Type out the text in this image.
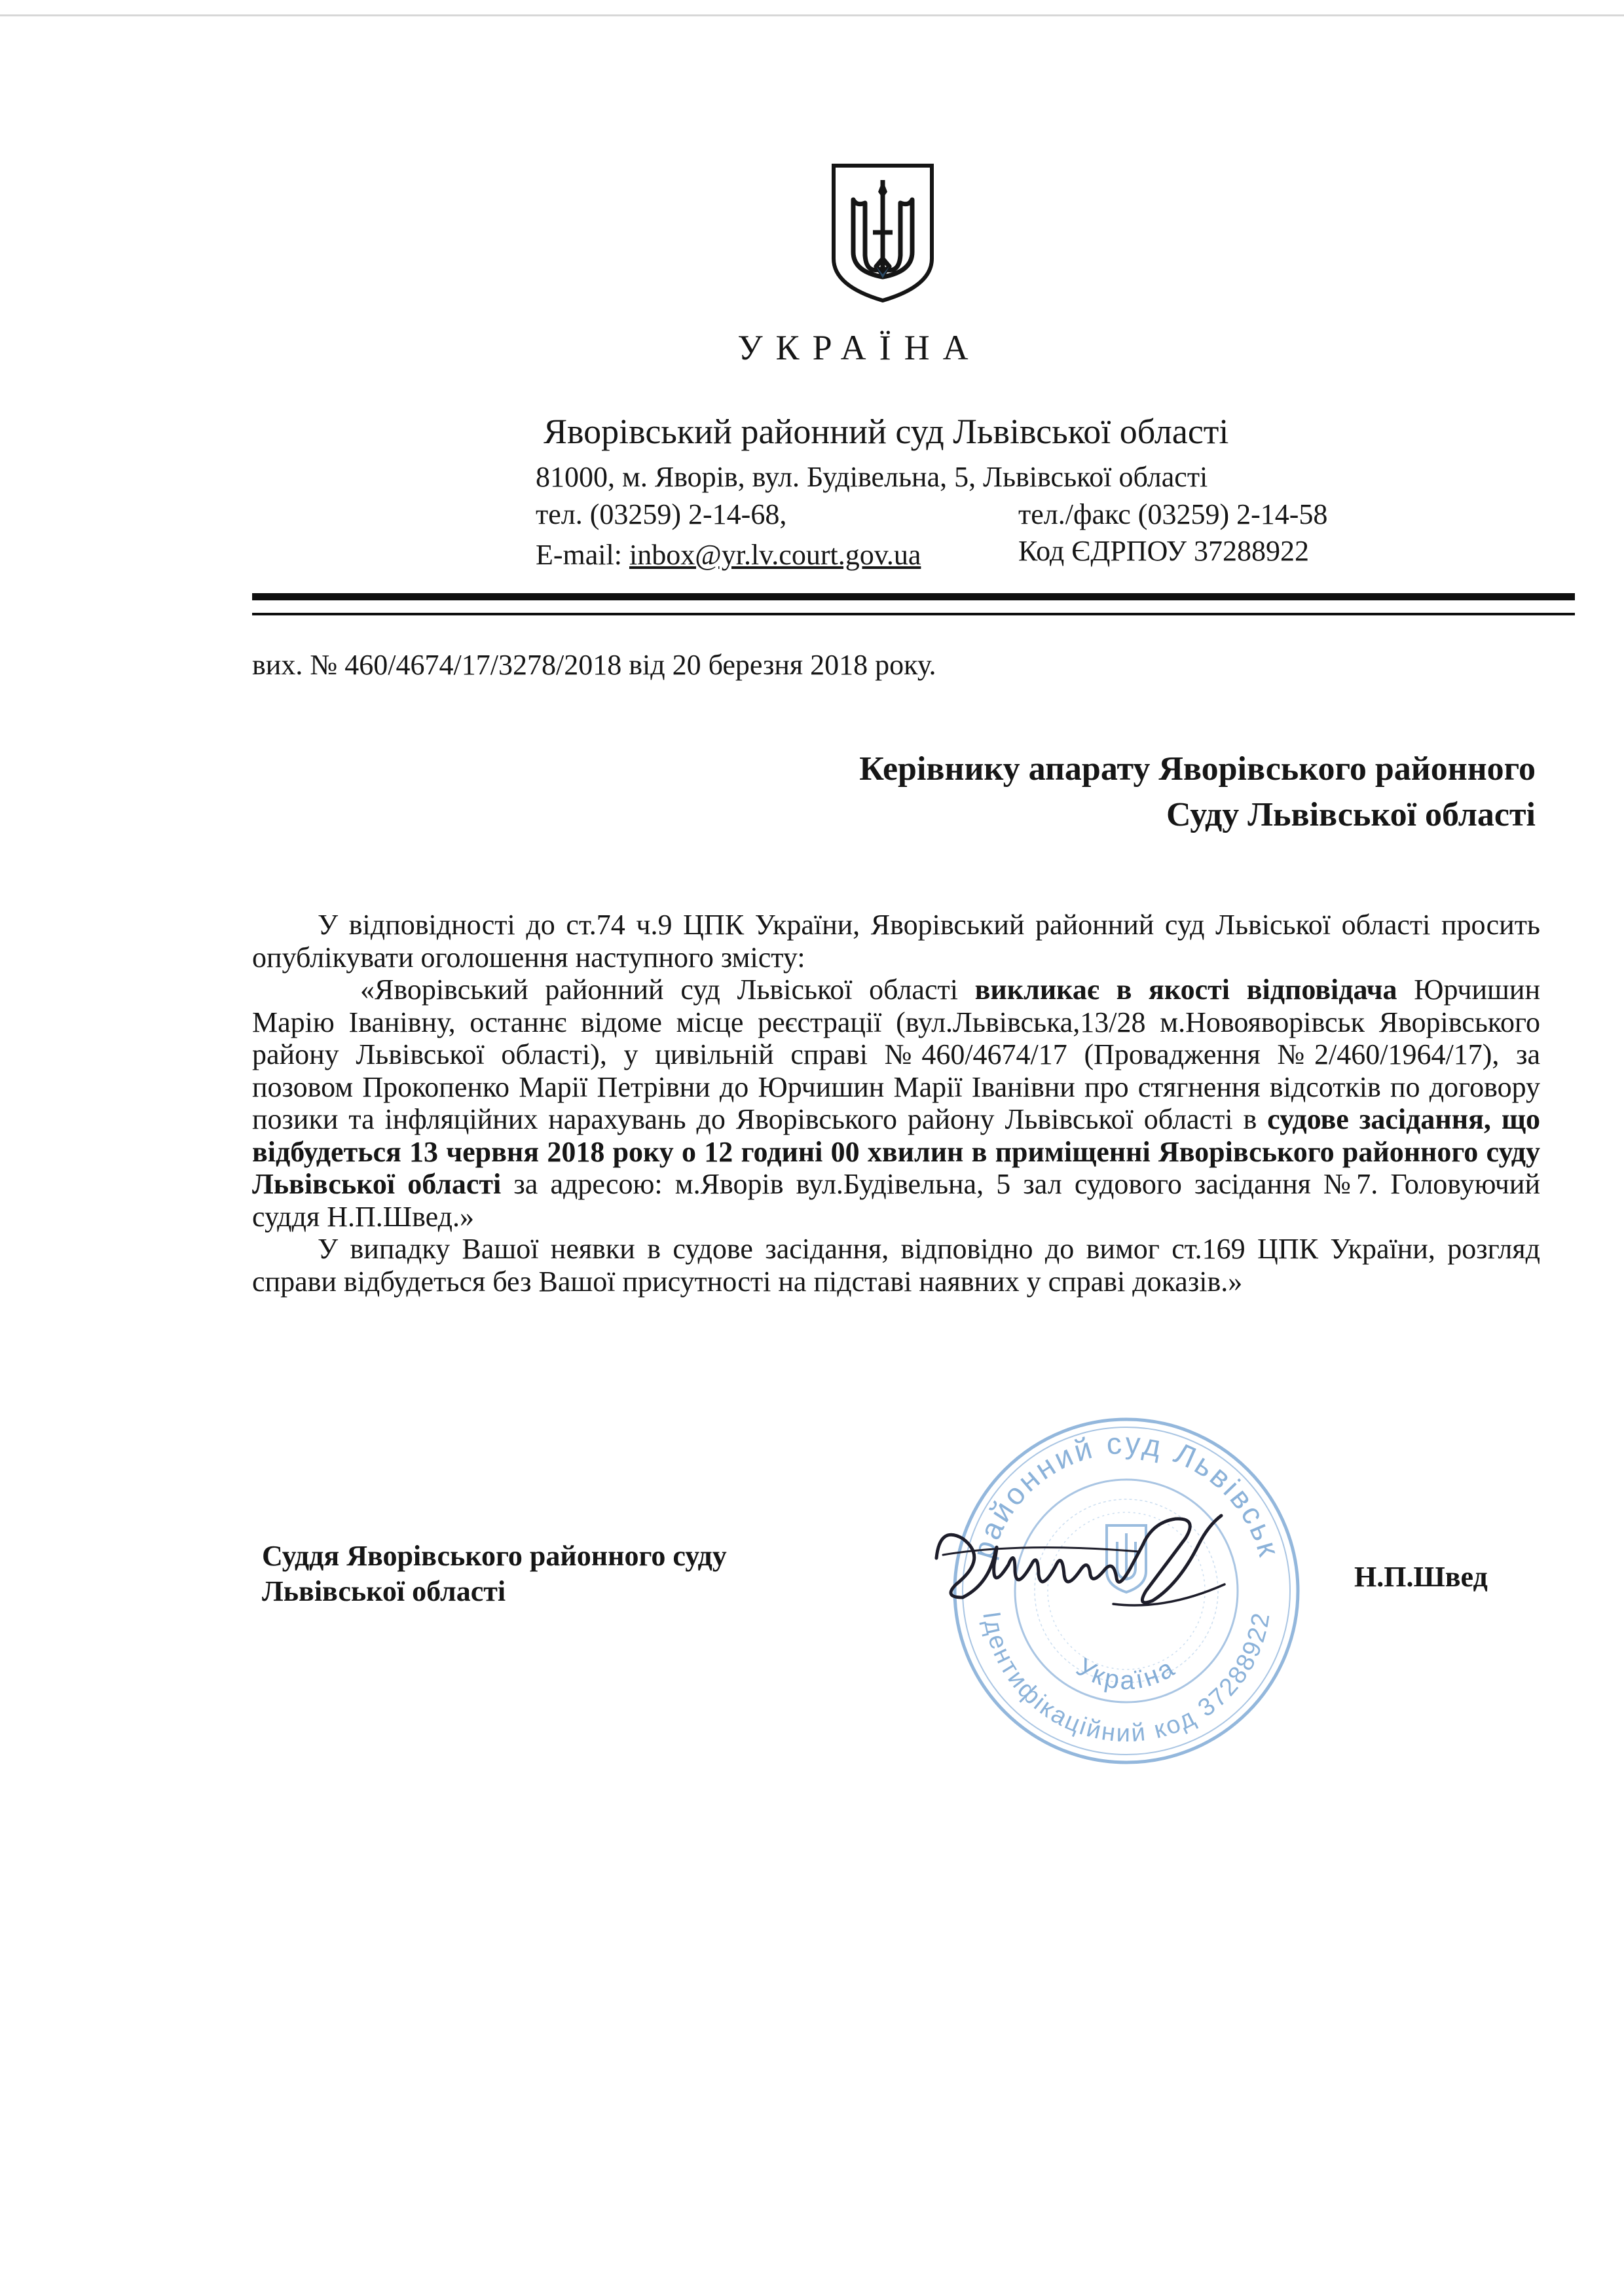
УКРАЇНА
Яворівський районний суд Львівської області
81000, м. Яворів, вул. Будівельна, 5, Львівської області
тел. (03259) 2-14-68,	тел./факс (03259) 2-14-58
E-mail: inbox@yr.lv.court.gov.ua	Код ЄДРПОУ 37288922
вих. № 460/4674/17/3278/2018 від 20 березня 2018 року.
Керівнику апарату Яворівського районного
Суду Львівської області

У відповідності до ст.74 ч.9 ЦПК України, Яворівський районний суд Львіської області просить опублікувати оголошення наступного змісту:

«Яворівський районний суд Львіської області викликає в якості відповідача Юрчишин Марію Іванівну, останнє відоме місце реєстрації (вул.Львівська,13/28 м.Новояворівськ Яворівського району Львівської області), у цивільній справі №460/4674/17 (Провадження №2/460/1964/17), за позовом Прокопенко Марії Петрівни до Юрчишин Марії Іванівни про стягнення відсотків по договору позики та інфляційних нарахувань до Яворівського району Львівської області в судове засідання, що відбудеться 13 червня 2018 року о 12 годині 00 хвилин в приміщенні Яворівського районного суду Львівської області за адресою: м.Яворів вул.Будівельна, 5 зал судового засідання №7. Головуючий суддя Н.П.Швед.»

У випадку Вашої неявки в судове засідання, відповідно до вимог ст.169 ЦПК України, розгляд справи відбудеться без Вашої присутності на підставі наявних у справі доказів.»

районний суд Львівськ
Ідентифікаційний код 37288922
Україна
Суддя Яворівського районного суду
Львівської області	Н.П.Швед
